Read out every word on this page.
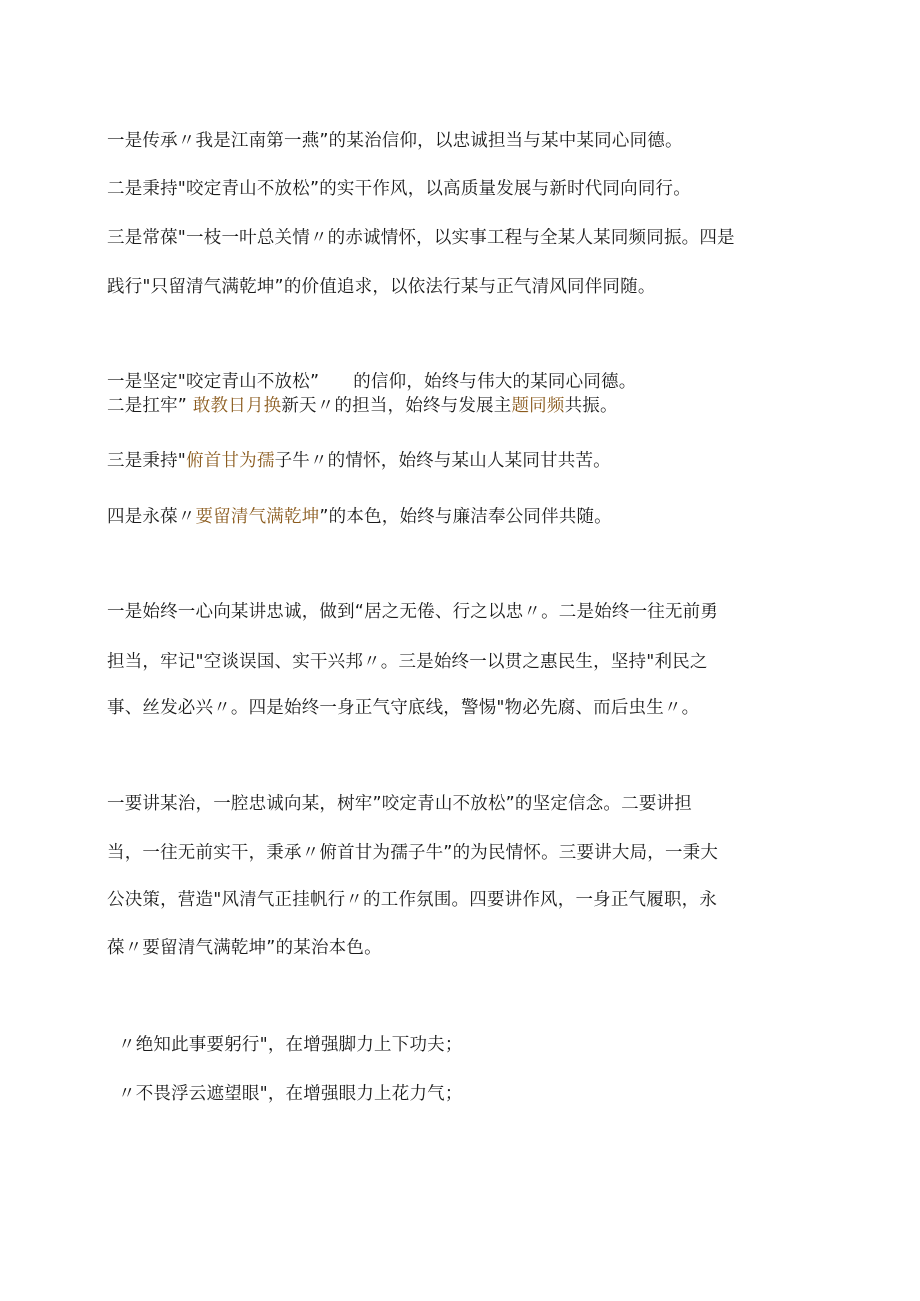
一是传承〃我是江南第一燕”的某治信仰，以忠诚担当与某中某同心同德。
二是秉持"咬定青山不放松”的实干作风，以高质量发展与新时代同向同行。
三是常葆"一枝一叶总关情〃的赤诚情怀，以实事工程与全某人某同频同振。四是
践行"只留清气满乾坤”的价值追求，以依法行某与正气清风同伴同随。
一是坚定"咬定青山不放松” 的信仰，始终与伟大的某同心同德。
二是扛牢” 敢教日月换新天〃的担当，始终与发展主题同频共振。
三是秉持"俯首甘为孺子牛〃的情怀，始终与某山人某同甘共苦。
四是永葆〃要留清气满乾坤”的本色，始终与廉洁奉公同伴共随。
一是始终一心向某讲忠诚，做到“居之无倦、行之以忠〃。二是始终一往无前勇
担当，牢记"空谈误国、实干兴邦〃。三是始终一以贯之惠民生，坚持"利民之
事、丝发必兴〃。四是始终一身正气守底线，警惕"物必先腐、而后虫生〃。
一要讲某治，一腔忠诚向某，树牢”咬定青山不放松”的坚定信念。二要讲担
当，一往无前实干，秉承〃俯首甘为孺子牛”的为民情怀。三要讲大局，一秉大
公决策，营造"风清气正挂帆行〃的工作氛围。四要讲作风，一身正气履职，永
葆〃要留清气满乾坤”的某治本色。
〃绝知此事要躬行"，在增强脚力上下功夫；
〃不畏浮云遮望眼"，在增强眼力上花力气；
